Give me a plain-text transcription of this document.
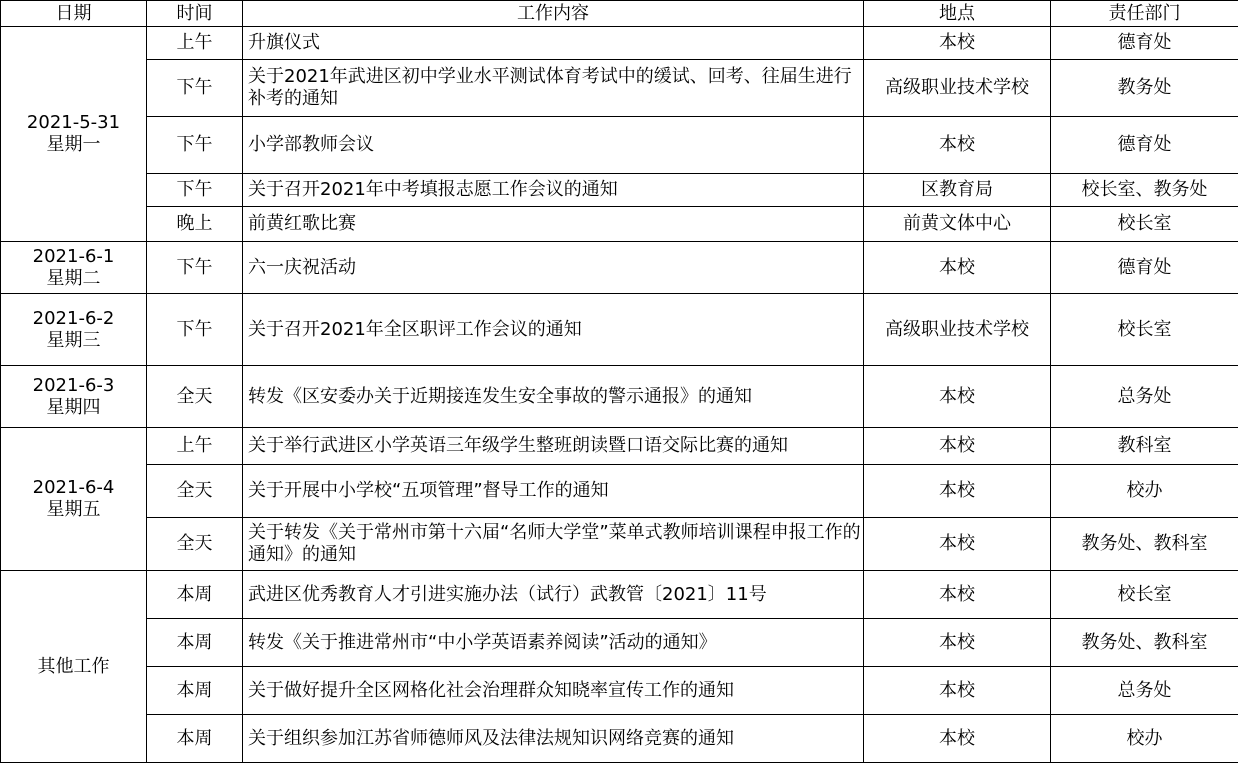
日期	时间	工作内容	地点	责任部门

2021-5-31
星期一	上午	升旗仪式	本校	德育处
	下午	关于2021年武进区初中学业水平测试体育考试中的缓试、回考、往届生进行补考的通知	高级职业技术学校	教务处
	下午	小学部教师会议	本校	德育处
	下午	关于召开2021年中考填报志愿工作会议的通知	区教育局	校长室、教务处
	晚上	前黄红歌比赛	前黄文体中心	校长室

2021-6-1
星期二	下午	六一庆祝活动	本校	德育处

2021-6-2
星期三	下午	关于召开2021年全区职评工作会议的通知	高级职业技术学校	校长室

2021-6-3
星期四	全天	转发《区安委办关于近期接连发生安全事故的警示通报》的通知	本校	总务处

2021-6-4
星期五	上午	关于举行武进区小学英语三年级学生整班朗读暨口语交际比赛的通知	本校	教科室
	全天	关于开展中小学校“五项管理”督导工作的通知	本校	校办
	全天	关于转发《关于常州市第十六届“名师大学堂”菜单式教师培训课程申报工作的通知》的通知	本校	教务处、教科室

其他工作	本周	武进区优秀教育人才引进实施办法（试行）武教管〔2021〕11号	本校	校长室
	本周	转发《关于推进常州市“中小学英语素养阅读”活动的通知》	本校	教务处、教科室
	本周	关于做好提升全区网格化社会治理群众知晓率宣传工作的通知	本校	总务处
	本周	关于组织参加江苏省师德师风及法律法规知识网络竞赛的通知	本校	校办
